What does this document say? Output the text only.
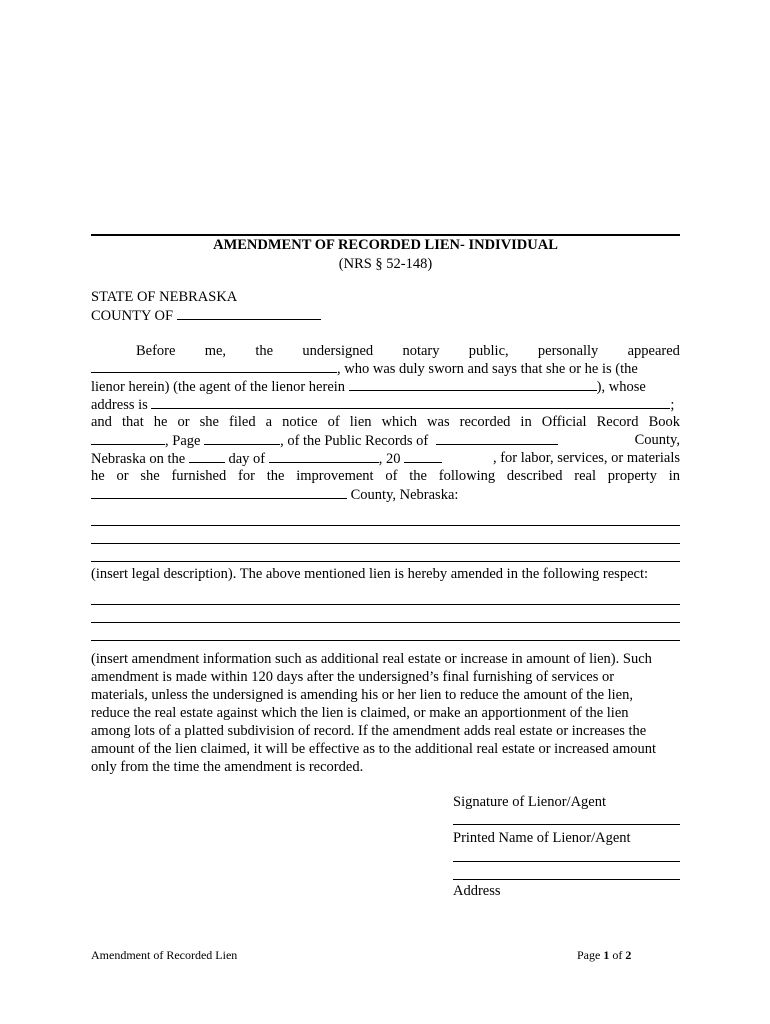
AMENDMENT OF RECORDED LIEN- INDIVIDUAL
(NRS § 52-148)
STATE OF NEBRASKA
COUNTY OF
Before me, the undersigned notary public, personally appeared
, who was duly sworn and says that she or he is (the
lienor herein) (the agent of the lienor herein	), whose
address is	;
and that he or she filed a notice of lien which was recorded in Official Record Book
, Page	, of the Public Records of	County,
Nebraska on the	day of	, 20	, for labor, services, or materials
he or she furnished for the improvement of the following described real property in
County, Nebraska:
(insert legal description). The above mentioned lien is hereby amended in the following respect:
(insert amendment information such as additional real estate or increase in amount of lien). Such
amendment is made within 120 days after the undersigned’s final furnishing of services or
materials, unless the undersigned is amending his or her lien to reduce the amount of the lien,
reduce the real estate against which the lien is claimed, or make an apportionment of the lien
among lots of a platted subdivision of record. If the amendment adds real estate or increases the
amount of the lien claimed, it will be effective as to the additional real estate or increased amount
only from the time the amendment is recorded.
Signature of Lienor/Agent
Printed Name of Lienor/Agent
Address
Amendment of Recorded Lien	Page 1 of 2
